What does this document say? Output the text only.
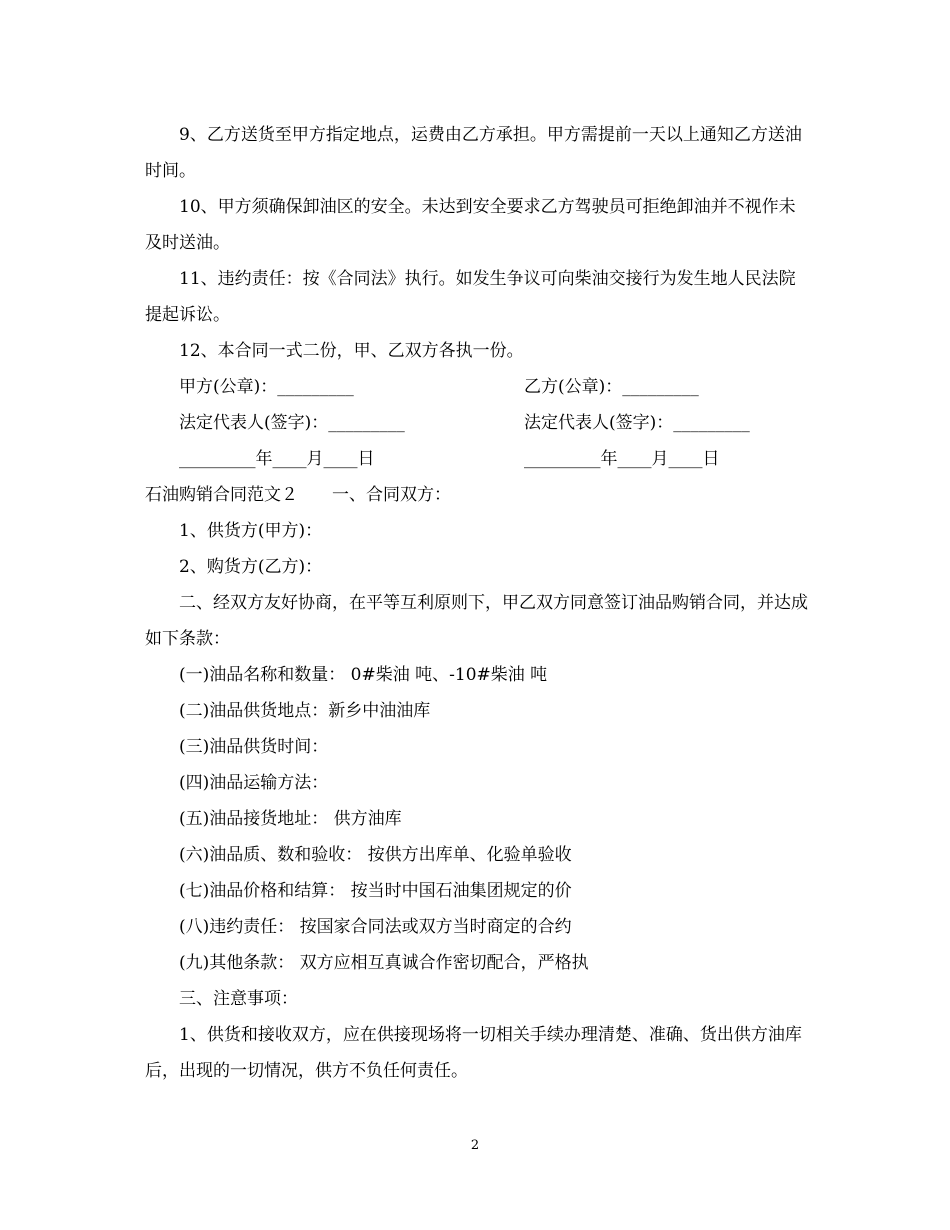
9、乙方送货至甲方指定地点，运费由乙方承担。甲方需提前一天以上通知乙方送油时间。

10、甲方须确保卸油区的安全。未达到安全要求乙方驾驶员可拒绝卸油并不视作未及时送油。

11、违约责任：按《合同法》执行。如发生争议可向柴油交接行为发生地人民法院提起诉讼。

12、本合同一式二份，甲、乙双方各执一份。

甲方(公章)：_________	乙方(公章)：_________

法定代表人(签字)：_________	法定代表人(签字)：_________

_________年____月____日	_________年____月____日

石油购销合同范文２　　一、合同双方：

1、供货方(甲方)：

2、购货方(乙方)：

二、经双方友好协商，在平等互利原则下，甲乙双方同意签订油品购销合同，并达成如下条款：

(一)油品名称和数量： 0#柴油 吨、-10#柴油 吨

(二)油品供货地点：新乡中油油库

(三)油品供货时间：

(四)油品运输方法：

(五)油品接货地址： 供方油库

(六)油品质、数和验收： 按供方出库单、化验单验收

(七)油品价格和结算： 按当时中国石油集团规定的价

(八)违约责任： 按国家合同法或双方当时商定的合约

(九)其他条款： 双方应相互真诚合作密切配合，严格执

三、注意事项：

1、供货和接收双方，应在供接现场将一切相关手续办理清楚、准确、货出供方油库后，出现的一切情况，供方不负任何责任。

2
